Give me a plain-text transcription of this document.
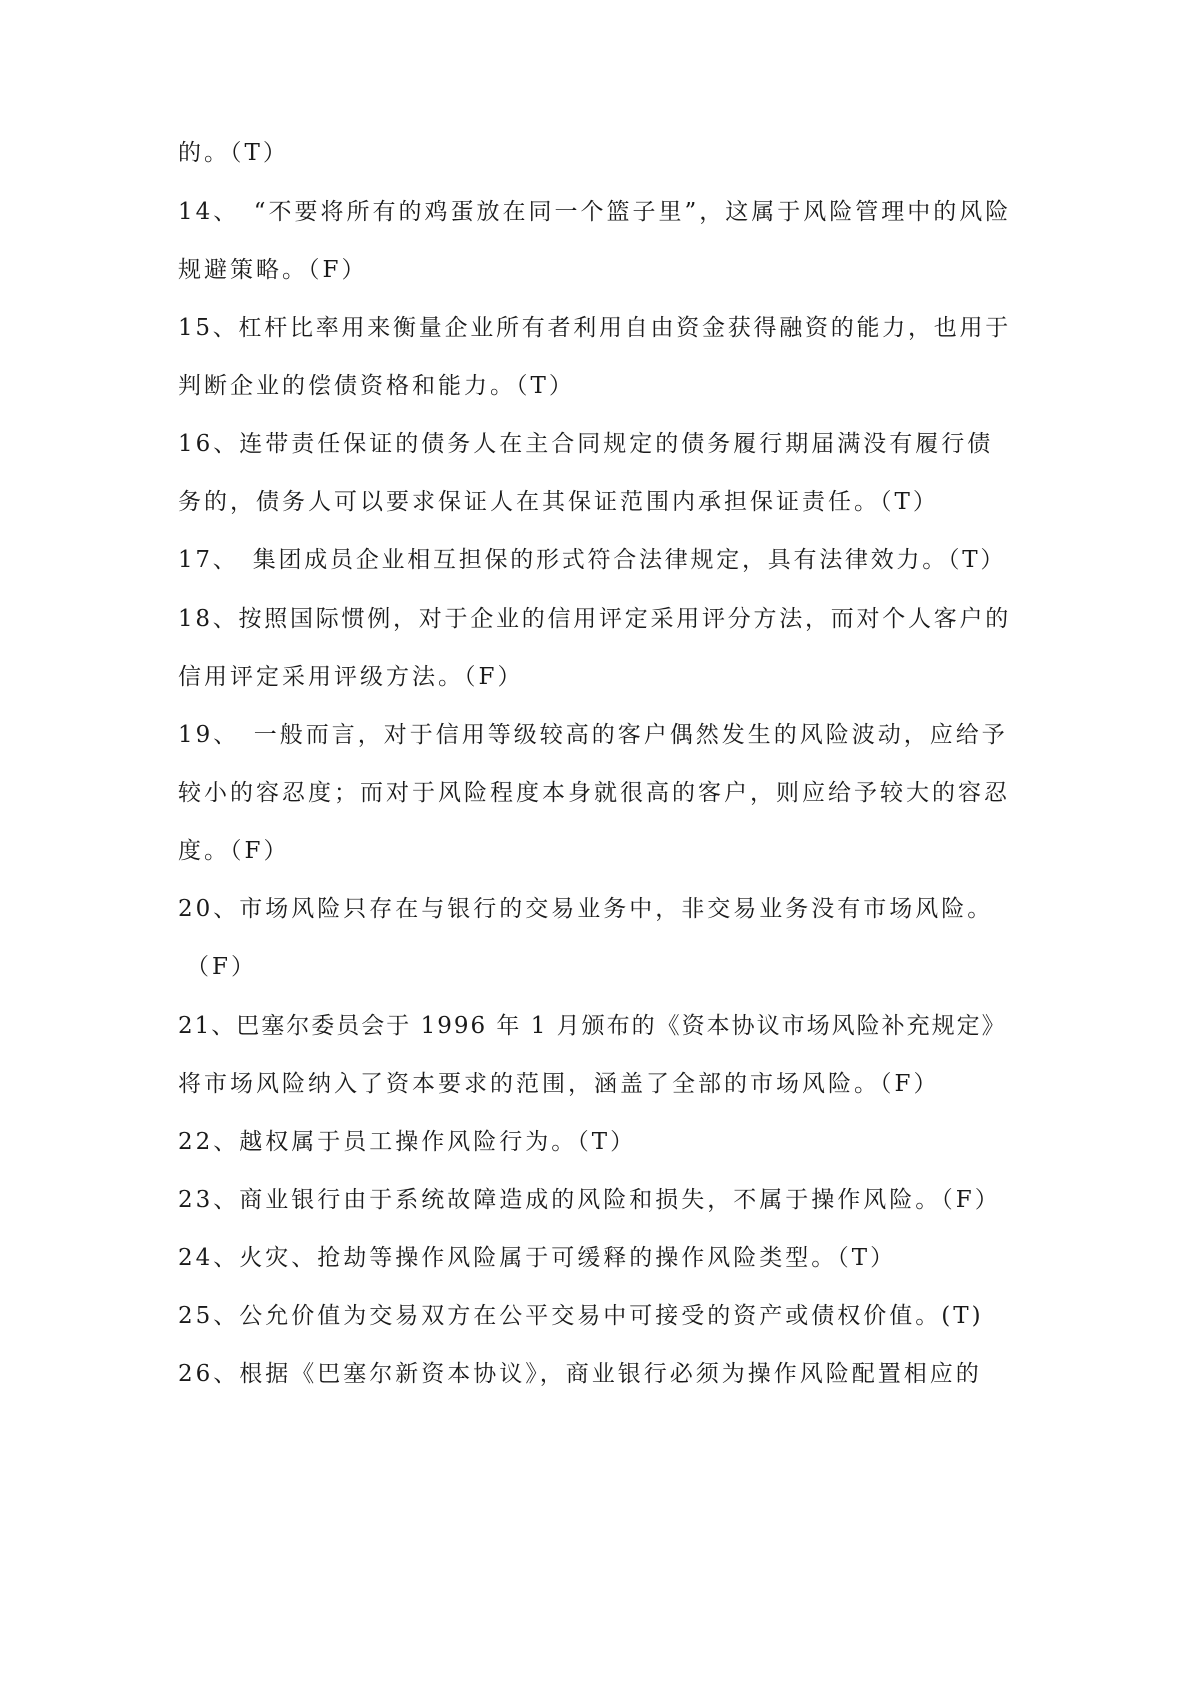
的。（T）
14、　“不要将所有的鸡蛋放在同一个篮子里”，这属于风险管理中的风险
规避策略。（F）
15、杠杆比率用来衡量企业所有者利用自由资金获得融资的能力，也用于
判断企业的偿债资格和能力。（T）
16、连带责任保证的债务人在主合同规定的债务履行期届满没有履行债
务的，债务人可以要求保证人在其保证范围内承担保证责任。（T）
17、　集团成员企业相互担保的形式符合法律规定，具有法律效力。（T）
18、按照国际惯例，对于企业的信用评定采用评分方法，而对个人客户的
信用评定采用评级方法。（F）
19、　一般而言，对于信用等级较高的客户偶然发生的风险波动，应给予
较小的容忍度；而对于风险程度本身就很高的客户，则应给予较大的容忍
度。（F）
20、市场风险只存在与银行的交易业务中，非交易业务没有市场风险。
（F）
21、巴塞尔委员会于 1996 年 1 月颁布的《资本协议市场风险补充规定》
将市场风险纳入了资本要求的范围，涵盖了全部的市场风险。（F）
22、越权属于员工操作风险行为。（T）
23、商业银行由于系统故障造成的风险和损失，不属于操作风险。（F）
24、火灾、抢劫等操作风险属于可缓释的操作风险类型。（T）
25、公允价值为交易双方在公平交易中可接受的资产或债权价值。(T)
26、根据《巴塞尔新资本协议》，商业银行必须为操作风险配置相应的
